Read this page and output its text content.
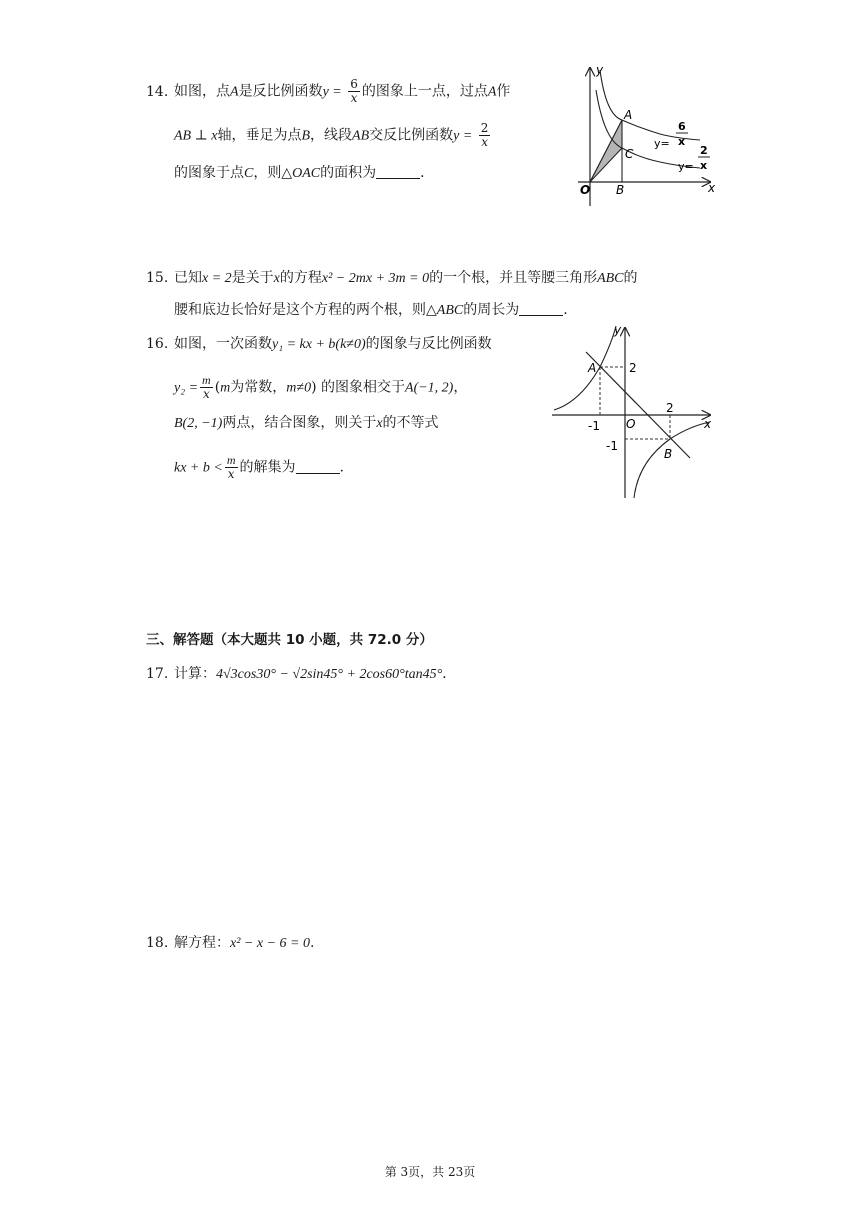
14. 如图，点A是反比例函数$y = \frac{6}{x}$ 的图象上一点，过点A作
AB ⊥ x轴，垂足为点B，线段AB交反比例函数$y = \frac{2}{x}$
的图象于点C，则△OAC的面积为	．
y
x
O
A
B
C
y=
6
x
y=
2
x
15. 已知x = 2是关于x的方程x² − 2mx + 3m = 0的一个根，并且等腰三角形ABC的
腰和底边长恰好是这个方程的两个根，则△ABC的周长为	.
16. 如图，一次函数y₁ = kx + b(k≠0)的图象与反比例函数
$y_2 = \frac{m}{x} (m$为常数，m≠0) 的图象相交于A(−1, 2)，
B(2, −1)两点，结合图象，则关于x的不等式
kx + $b < \frac{m}{x}$ 的解集为	.
y
x
O
A
B
2
-1
2
-1
三、解答题（本大题共 10 小题，共 72.0 分）
17. 计算：4√3cos30° − √2sin45° + 2cos60°tan45°．
18. 解方程：x² − x − 6 = 0.
第 3页，共 23页
